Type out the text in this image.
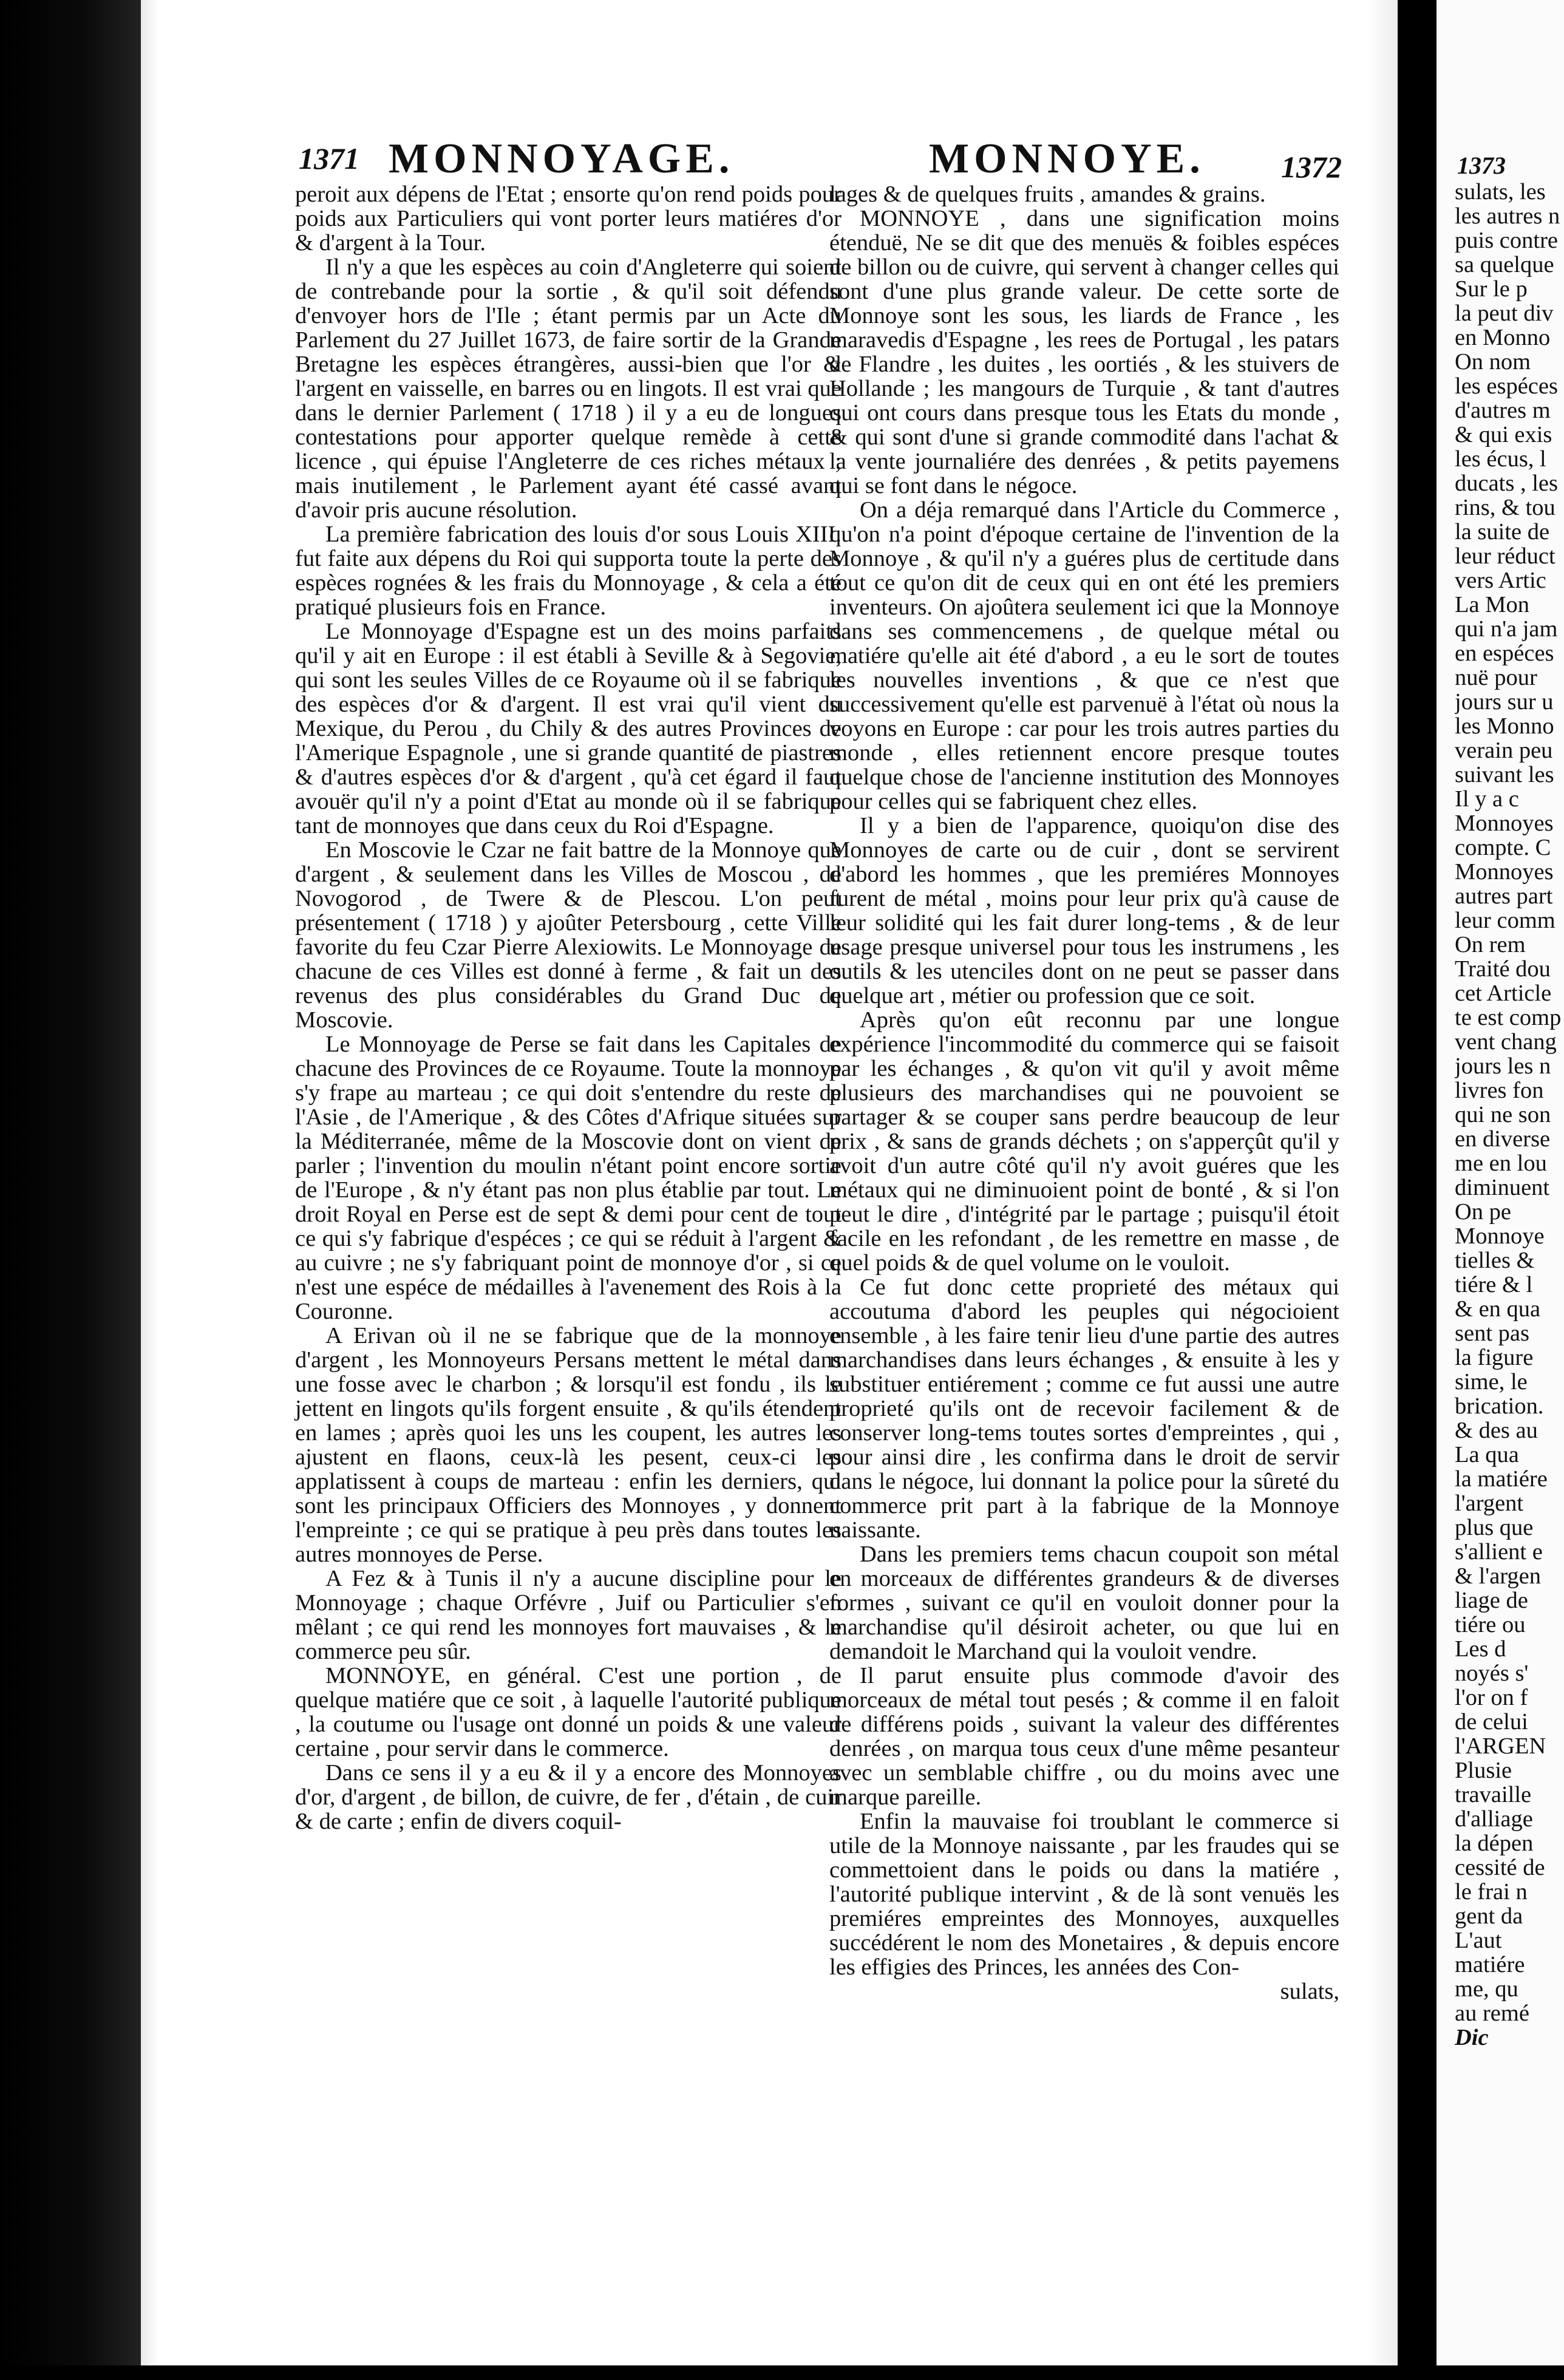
1371 MONNOYAGE.	MONNOYE.	1372	1373

peroit aux dépens de l'Etat ; ensorte qu'on rend poids pour poids aux Particuliers qui vont porter leurs matiéres d'or & d'argent à la Tour.

Il n'y a que les espèces au coin d'Angleterre qui soient de contrebande pour la sortie , & qu'il soit défendu d'envoyer hors de l'Ile ; étant permis par un Acte du Parlement du 27 Juillet 1673, de faire sortir de la Grande Bretagne les espèces étrangères, aussi-bien que l'or & l'argent en vaisselle, en barres ou en lingots. Il est vrai que dans le dernier Parlement ( 1718 ) il y a eu de longues contestations pour apporter quelque remède à cette licence , qui épuise l'Angleterre de ces riches métaux ; mais inutilement , le Parlement ayant été cassé avant d'avoir pris aucune résolution.

La première fabrication des louis d'or sous Louis XIII. fut faite aux dépens du Roi qui supporta toute la perte des espèces rognées & les frais du Monnoyage , & cela a été pratiqué plusieurs fois en France.

Le Monnoyage d'Espagne est un des moins parfaits qu'il y ait en Europe : il est établi à Seville & à Segovie, qui sont les seules Villes de ce Royaume où il se fabrique des espèces d'or & d'argent. Il est vrai qu'il vient du Mexique, du Perou , du Chily & des autres Provinces de l'Amerique Espagnole , une si grande quantité de piastres & d'autres espèces d'or & d'argent , qu'à cet égard il faut avouër qu'il n'y a point d'Etat au monde où il se fabrique tant de monnoyes que dans ceux du Roi d'Espagne.

En Moscovie le Czar ne fait battre de la Monnoye que d'argent , & seulement dans les Villes de Moscou , de Novogorod , de Twere & de Plescou. L'on peut présentement ( 1718 ) y ajoûter Petersbourg , cette Ville favorite du feu Czar Pierre Alexiowits. Le Monnoyage de chacune de ces Villes est donné à ferme , & fait un des revenus des plus considérables du Grand Duc de Moscovie.

Le Monnoyage de Perse se fait dans les Capitales de chacune des Provinces de ce Royaume. Toute la monnoye s'y frape au marteau ; ce qui doit s'entendre du reste de l'Asie , de l'Amerique , & des Côtes d'Afrique situées sur la Méditerranée, même de la Moscovie dont on vient de parler ; l'invention du moulin n'étant point encore sortie de l'Europe , & n'y étant pas non plus établie par tout. Le droit Royal en Perse est de sept & demi pour cent de tout ce qui s'y fabrique d'espéces ; ce qui se réduit à l'argent & au cuivre ; ne s'y fabriquant point de monnoye d'or , si ce n'est une espéce de médailles à l'avenement des Rois à la Couronne.

A Erivan où il ne se fabrique que de la monnoye d'argent , les Monnoyeurs Persans mettent le métal dans une fosse avec le charbon ; & lorsqu'il est fondu , ils le jettent en lingots qu'ils forgent ensuite , & qu'ils étendent en lames ; après quoi les uns les coupent, les autres les ajustent en flaons, ceux-là les pesent, ceux-ci les applatissent à coups de marteau : enfin les derniers, qui sont les principaux Officiers des Monnoyes , y donnent l'empreinte ; ce qui se pratique à peu près dans toutes les autres monnoyes de Perse.

A Fez & à Tunis il n'y a aucune discipline pour le Monnoyage ; chaque Orfévre , Juif ou Particulier s'en mêlant ; ce qui rend les monnoyes fort mauvaises , & le commerce peu sûr.

MONNOYE, en général. C'est une portion , de quelque matiére que ce soit , à laquelle l'autorité publique , la coutume ou l'usage ont donné un poids & une valeur certaine , pour servir dans le commerce.

Dans ce sens il y a eu & il y a encore des Monnoyes d'or, d'argent , de billon, de cuivre, de fer , d'étain , de cuir & de carte ; enfin de divers coquil-

lages & de quelques fruits , amandes & grains.

MONNOYE , dans une signification moins étenduë, Ne se dit que des menuës & foibles espéces de billon ou de cuivre, qui servent à changer celles qui sont d'une plus grande valeur. De cette sorte de Monnoye sont les sous, les liards de France , les maravedis d'Espagne , les rees de Portugal , les patars de Flandre , les duites , les oortiés , & les stuivers de Hollande ; les mangours de Turquie , & tant d'autres qui ont cours dans presque tous les Etats du monde , & qui sont d'une si grande commodité dans l'achat & la vente journaliére des denrées , & petits payemens qui se font dans le négoce.

On a déja remarqué dans l'Article du Commerce , qu'on n'a point d'époque certaine de l'invention de la Monnoye , & qu'il n'y a guéres plus de certitude dans tout ce qu'on dit de ceux qui en ont été les premiers inventeurs. On ajoûtera seulement ici que la Monnoye dans ses commencemens , de quelque métal ou matiére qu'elle ait été d'abord , a eu le sort de toutes les nouvelles inventions , & que ce n'est que successivement qu'elle est parvenuë à l'état où nous la voyons en Europe : car pour les trois autres parties du monde , elles retiennent encore presque toutes quelque chose de l'ancienne institution des Monnoyes pour celles qui se fabriquent chez elles.

Il y a bien de l'apparence, quoiqu'on dise des Monnoyes de carte ou de cuir , dont se servirent d'abord les hommes , que les premiéres Monnoyes furent de métal , moins pour leur prix qu'à cause de leur solidité qui les fait durer long-tems , & de leur usage presque universel pour tous les instrumens , les outils & les utenciles dont on ne peut se passer dans quelque art , métier ou profession que ce soit.

Après qu'on eût reconnu par une longue expérience l'incommodité du commerce qui se faisoit par les échanges , & qu'on vit qu'il y avoit même plusieurs des marchandises qui ne pouvoient se partager & se couper sans perdre beaucoup de leur prix , & sans de grands déchets ; on s'apperçût qu'il y avoit d'un autre côté qu'il n'y avoit guéres que les métaux qui ne diminuoient point de bonté , & si l'on peut le dire , d'intégrité par le partage ; puisqu'il étoit facile en les refondant , de les remettre en masse , de quel poids & de quel volume on le vouloit.

Ce fut donc cette proprieté des métaux qui accoutuma d'abord les peuples qui négocioient ensemble , à les faire tenir lieu d'une partie des autres marchandises dans leurs échanges , & ensuite à les y substituer entiérement ; comme ce fut aussi une autre proprieté qu'ils ont de recevoir facilement & de conserver long-tems toutes sortes d'empreintes , qui , pour ainsi dire , les confirma dans le droit de servir dans le négoce, lui donnant la police pour la sûreté du commerce prit part à la fabrique de la Monnoye naissante.

Dans les premiers tems chacun coupoit son métal en morceaux de différentes grandeurs & de diverses formes , suivant ce qu'il en vouloit donner pour la marchandise qu'il désiroit acheter, ou que lui en demandoit le Marchand qui la vouloit vendre.

Il parut ensuite plus commode d'avoir des morceaux de métal tout pesés ; & comme il en faloit de différens poids , suivant la valeur des différentes denrées , on marqua tous ceux d'une même pesanteur avec un semblable chiffre , ou du moins avec une marque pareille.

Enfin la mauvaise foi troublant le commerce si utile de la Monnoye naissante , par les fraudes qui se commettoient dans le poids ou dans la matiére , l'autorité publique intervint , & de là sont venuës les premiéres empreintes des Monnoyes, auxquelles succédérent le nom des Monetaires , & depuis encore les effigies des Princes, les années des Con-

sulats,

sulats, les
les autres n
puis contre
sa quelque
Sur le p
la peut div
en Monno
On nom
les espéces
d'autres m
& qui exis
les écus, l
ducats , les
rins, & tou
la suite de
leur réduct
vers Artic
La Mon
qui n'a jam
en espéces
nuë pour
jours sur u
les Monno
verain peu
suivant les
Il y a c
Monnoyes
compte. C
Monnoyes
autres part
leur comm
On rem
Traité dou
cet Article
te est comp
vent chang
jours les n
livres fon
qui ne son
en diverse
me en lou
diminuent
On pe
Monnoye
tielles &
tiére & l
& en qua
sent pas
la figure
sime, le
brication.
& des au
La qua
la matiére
l'argent
plus que
s'allient e
& l'argen
liage de
tiére ou
Les d
noyés s'
l'or on f
de celui
l'ARGEN
Plusie
travaille
d'alliage
la dépen
cessité de
le frai n
gent da
L'aut
matiére
me, qu
au remé
Dic
